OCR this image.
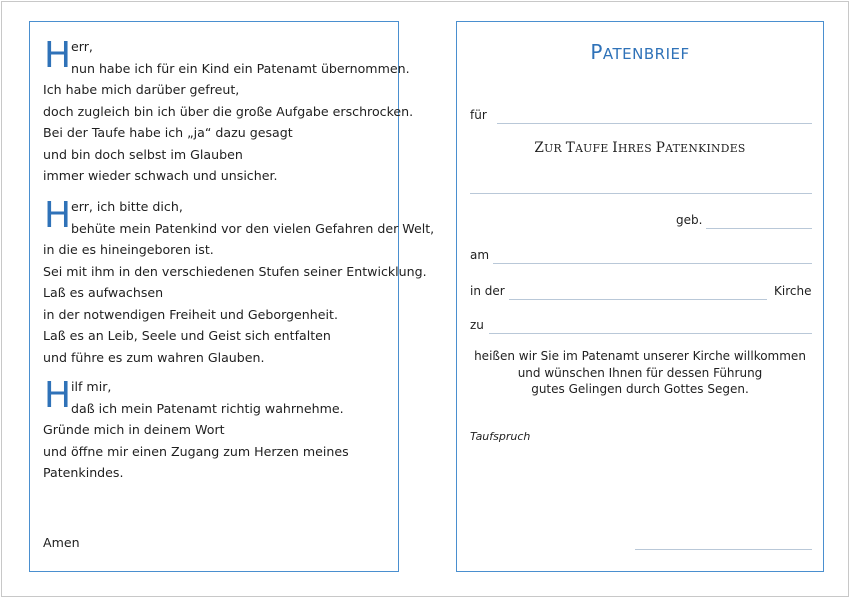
H err,
nun habe ich für ein Kind ein Patenamt übernommen.
Ich habe mich darüber gefreut,
doch zugleich bin ich über die große Aufgabe erschrocken.
Bei der Taufe habe ich „ja“ dazu gesagt
und bin doch selbst im Glauben
immer wieder schwach und unsicher.
H err, ich bitte dich,
behüte mein Patenkind vor den vielen Gefahren der Welt,
in die es hineingeboren ist.
Sei mit ihm in den verschiedenen Stufen seiner Entwicklung.
Laß es aufwachsen
in der notwendigen Freiheit und Geborgenheit.
Laß es an Leib, Seele und Geist sich entfalten
und führe es zum wahren Glauben.
H ilf mir,
daß ich mein Patenamt richtig wahrnehme.
Gründe mich in deinem Wort
und öffne mir einen Zugang zum Herzen meines
Patenkindes.
Amen
PATENBRIEF
für
ZUR TAUFE IHRES PATENKINDES
geb.
am
in der	Kirche
zu
heißen wir Sie im Patenamt unserer Kirche willkommen
und wünschen Ihnen für dessen Führung
gutes Gelingen durch Gottes Segen.
Taufspruch
